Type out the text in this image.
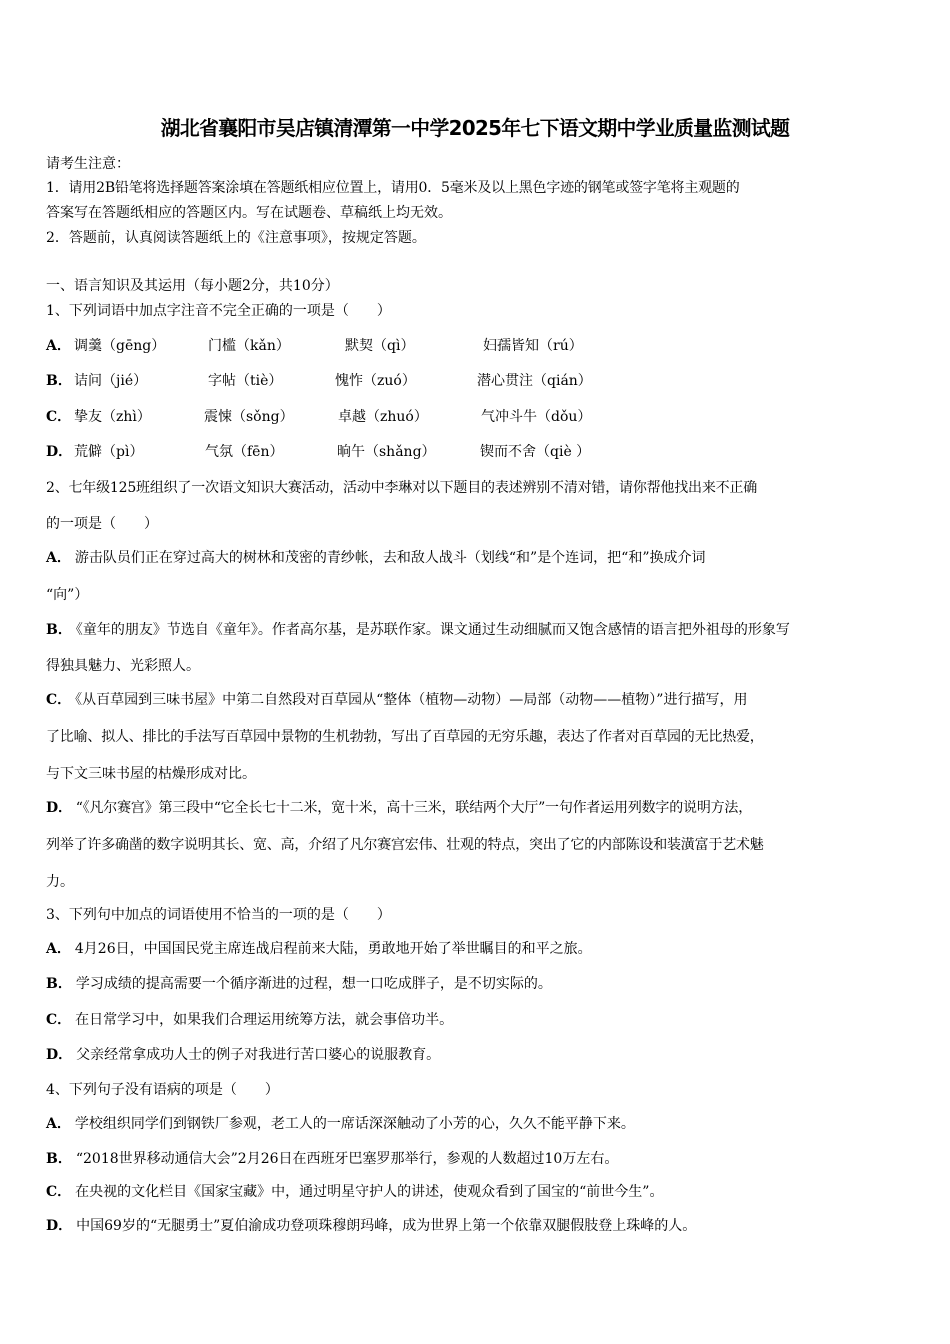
湖北省襄阳市吴店镇清潭第一中学2025年七下语文期中学业质量监测试题
请考生注意：
1．请用2B铅笔将选择题答案涂填在答题纸相应位置上，请用0．5毫米及以上黑色字迹的钢笔或签字笔将主观题的
答案写在答题纸相应的答题区内。写在试题卷、草稿纸上均无效。
2．答题前，认真阅读答题纸上的《注意事项》，按规定答题。
一、语言知识及其运用（每小题2分，共10分）
1、下列词语中加点字注音不完全正确的一项是（　　）
A． 调羹（gēng）	门槛（kǎn）	默契（qì）	妇孺皆知（rú）
B． 诘问（jié）	字帖（tiè）	愧怍（zuó）	潜心贯注（qián）
C． 挚友（zhì）	震悚（sǒng）	卓越（zhuó）	气冲斗牛（dǒu）
D． 荒僻（pì）	气氛（fēn）	晌午（shǎng）	锲而不舍（qiè ）
2、七年级125班组织了一次语文知识大赛活动，活动中李琳对以下题目的表述辨别不清对错，请你帮他找出来不正确
的一项是（　　）
A． 游击队员们正在穿过高大的树林和茂密的青纱帐，去和敌人战斗（划线“和”是个连词，把“和”换成介词
“向”）
B． 《童年的朋友》节选自《童年》。作者高尔基，是苏联作家。课文通过生动细腻而又饱含感情的语言把外祖母的形象写
得独具魅力、光彩照人。
C． 《从百草园到三味书屋》中第二自然段对百草园从“整体（植物—动物）—局部（动物——植物）”进行描写，用
了比喻、拟人、排比的手法写百草园中景物的生机勃勃，写出了百草园的无穷乐趣，表达了作者对百草园的无比热爱，
与下文三味书屋的枯燥形成对比。
D． “《凡尔赛宫》第三段中“它全长七十二米，宽十米，高十三米，联结两个大厅”一句作者运用列数字的说明方法，
列举了许多确凿的数字说明其长、宽、高，介绍了凡尔赛宫宏伟、壮观的特点，突出了它的内部陈设和装潢富于艺术魅
力。
3、下列句中加点的词语使用不恰当的一项的是（　　）
A． 4月26日，中国国民党主席连战启程前来大陆，勇敢地开始了举世瞩目的和平之旅。
B． 学习成绩的提高需要一个循序渐进的过程，想一口吃成胖子，是不切实际的。
C． 在日常学习中，如果我们合理运用统筹方法，就会事倍功半。
D． 父亲经常拿成功人士的例子对我进行苦口婆心的说服教育。
4、下列句子没有语病的项是（　　）
A． 学校组织同学们到钢铁厂参观，老工人的一席话深深触动了小芳的心，久久不能平静下来。
B． “2018世界移动通信大会”2月26日在西班牙巴塞罗那举行，参观的人数超过10万左右。
C． 在央视的文化栏目《国家宝藏》中，通过明星守护人的讲述，使观众看到了国宝的“前世今生”。
D． 中国69岁的“无腿勇士”夏伯渝成功登项珠穆朗玛峰，成为世界上第一个依靠双腿假肢登上珠峰的人。
